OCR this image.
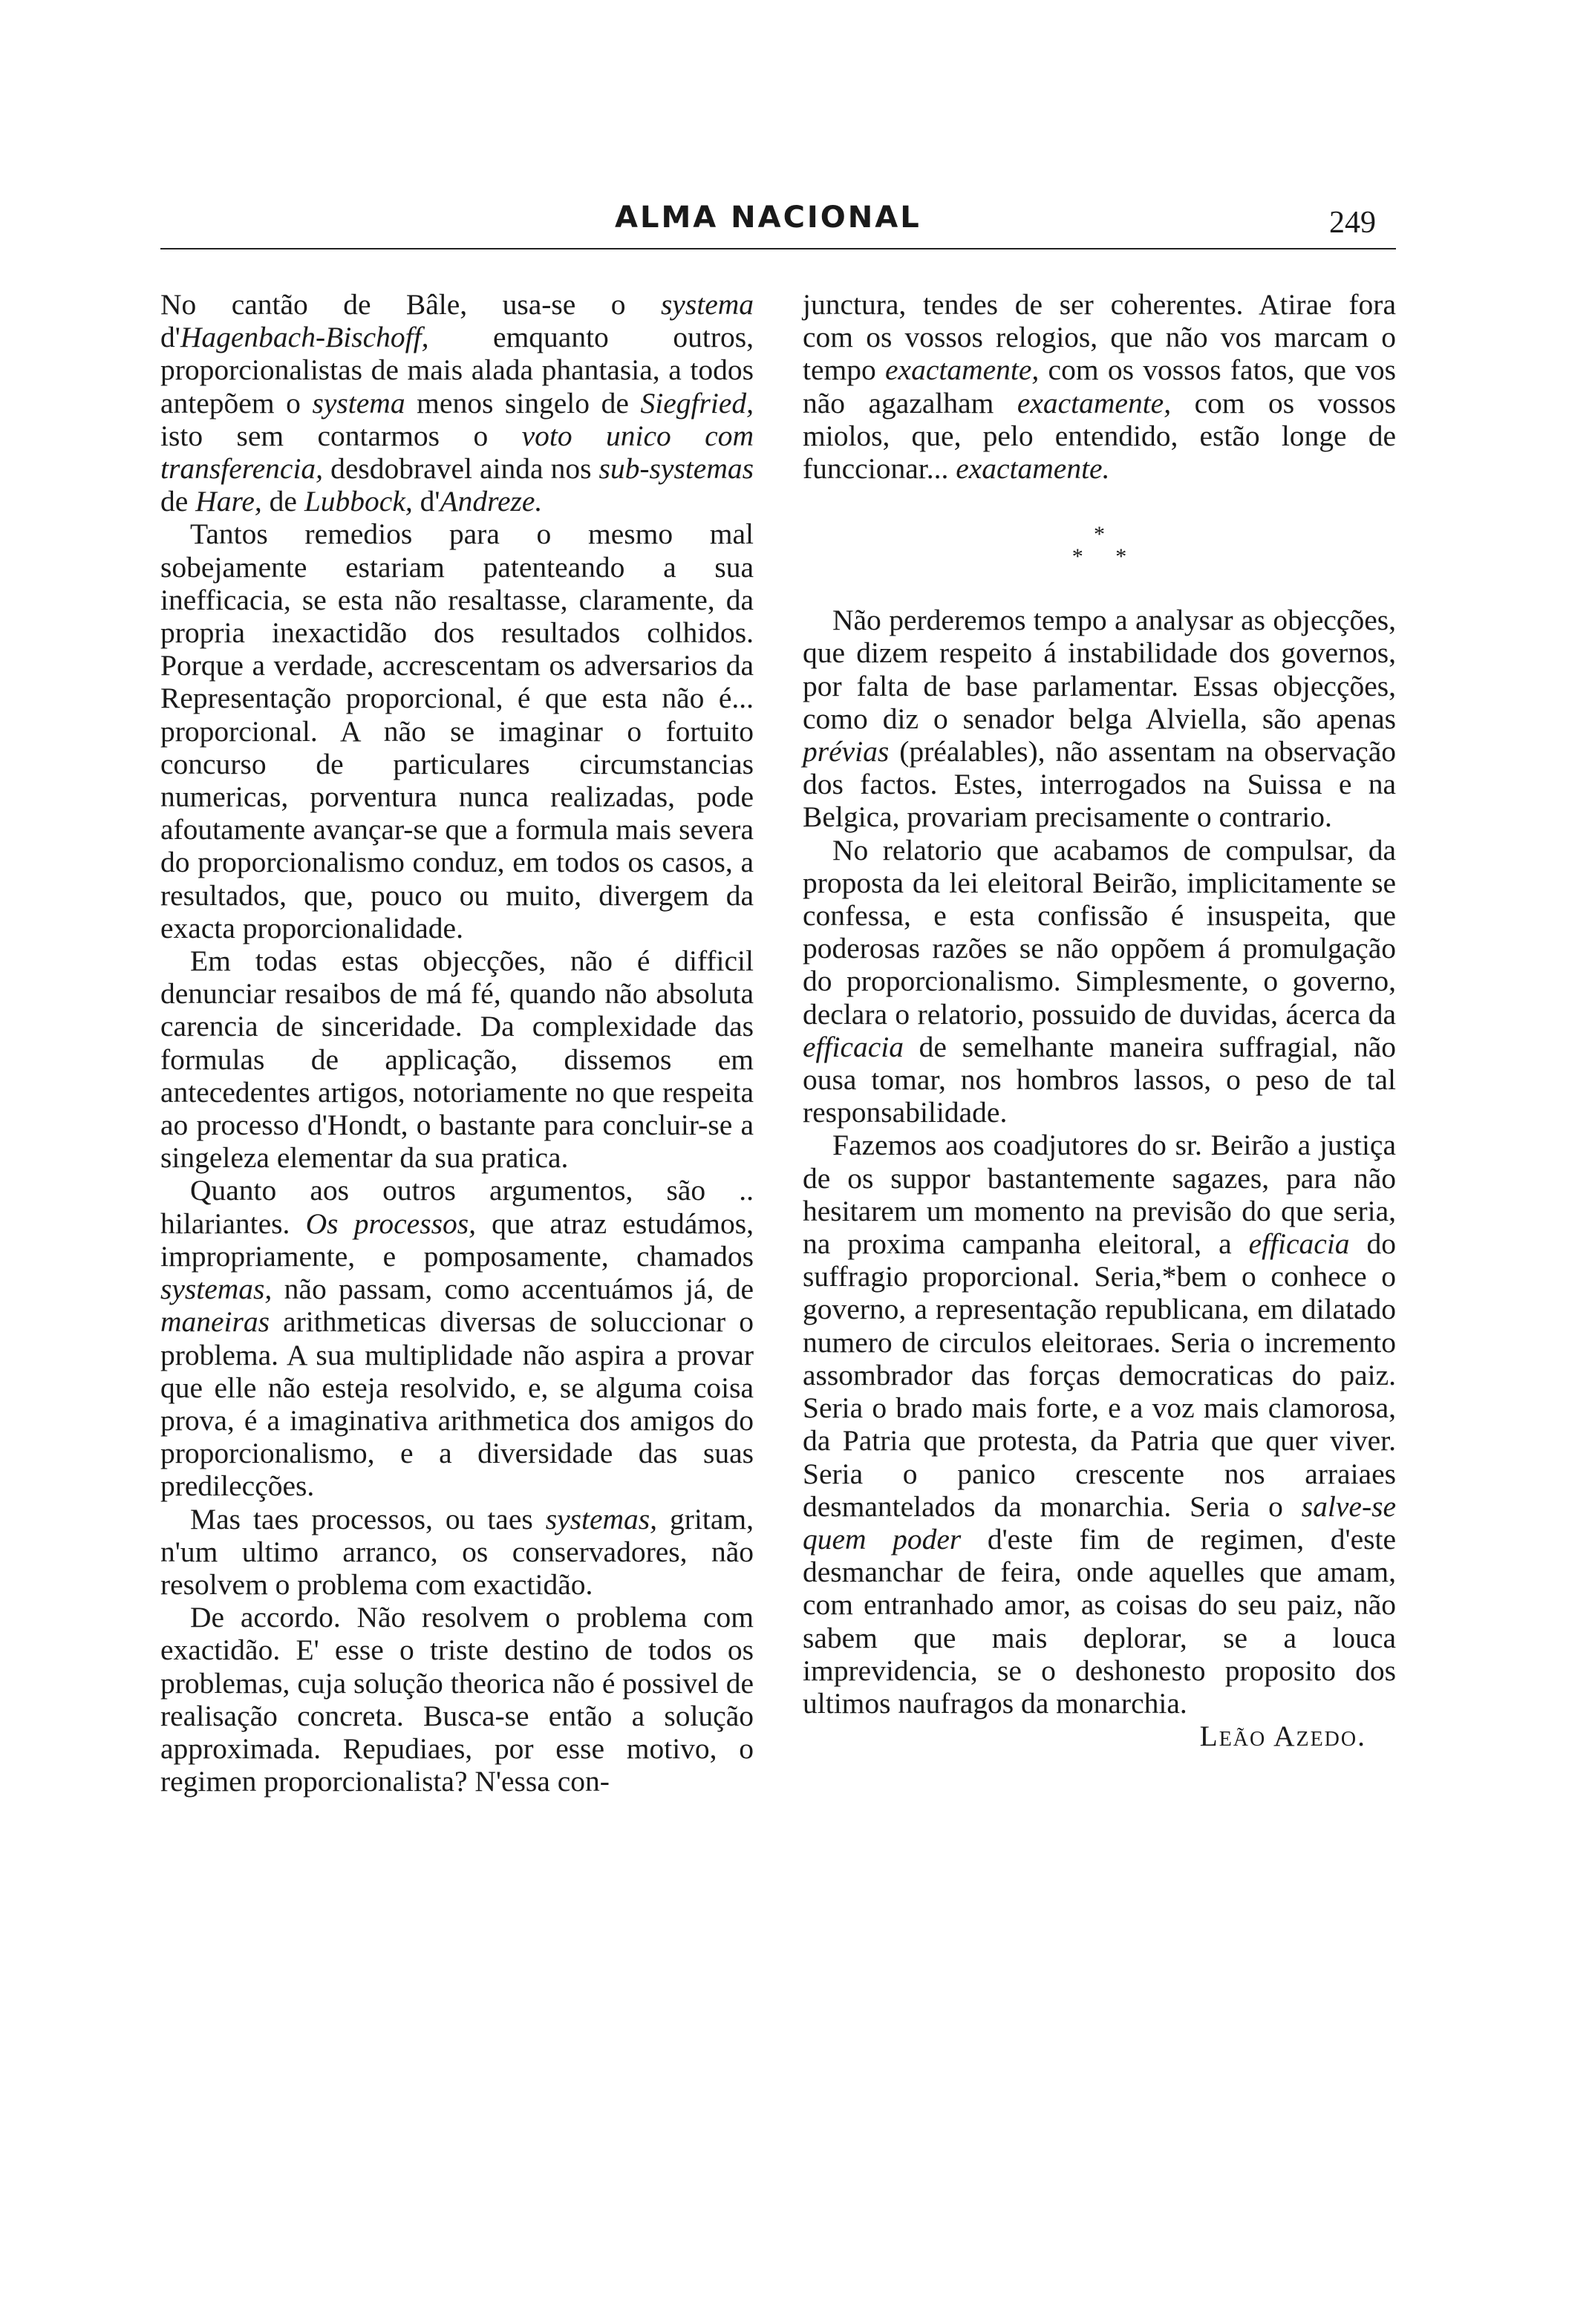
ALMA NACIONAL	249

No cantão de Bâle, usa-se o systema d'Hagenbach-Bischoff, emquanto outros, proporcionalistas de mais alada phantasia, a todos antepõem o systema menos singelo de Siegfried, isto sem contarmos o voto unico com transferencia, desdobravel ainda nos sub-systemas de Hare, de Lubbock, d'Andreze.

Tantos remedios para o mesmo mal sobejamente estariam patenteando a sua inefficacia, se esta não resaltasse, claramente, da propria inexactidão dos resultados colhidos. Porque a verdade, accrescentam os adversarios da Representação proporcional, é que esta não é... proporcional. A não se imaginar o fortuito concurso de particulares circumstancias numericas, porventura nunca realizadas, pode afoutamente avançar-se que a formula mais severa do proporcionalismo conduz, em todos os casos, a resultados, que, pouco ou muito, divergem da exacta proporcionalidade.

Em todas estas objecções, não é difficil denunciar resaibos de má fé, quando não absoluta carencia de sinceridade. Da complexidade das formulas de applicação, dissemos em antecedentes artigos, notoriamente no que respeita ao processo d'Hondt, o bastante para concluir-se a singeleza elementar da sua pratica.

Quanto aos outros argumentos, são .. hilariantes. Os processos, que atraz estudámos, impropriamente, e pomposamente, chamados systemas, não passam, como accentuámos já, de maneiras arithmeticas diversas de soluccionar o problema. A sua multiplidade não aspira a provar que elle não esteja resolvido, e, se alguma coisa prova, é a imaginativa arithmetica dos amigos do proporcionalismo, e a diversidade das suas predilecções.

Mas taes processos, ou taes systemas, gritam, n'um ultimo arranco, os conservadores, não resolvem o problema com exactidão.

De accordo. Não resolvem o problema com exactidão. E' esse o triste destino de todos os problemas, cuja solução theorica não é possivel de realisação concreta. Busca-se então a solução approximada. Repudiaes, por esse motivo, o regimen proporcionalista? N'essa con-

junctura, tendes de ser coherentes. Atirae fora com os vossos relogios, que não vos marcam o tempo exactamente, com os vossos fatos, que vos não agazalham exactamente, com os vossos miolos, que, pelo entendido, estão longe de funccionar... exactamente.

*
* *

Não perderemos tempo a analysar as objecções, que dizem respeito á instabilidade dos governos, por falta de base parlamentar. Essas objecções, como diz o senador belga Alviella, são apenas prévias (préalables), não assentam na observação dos factos. Estes, interrogados na Suissa e na Belgica, provariam precisamente o contrario.

No relatorio que acabamos de compulsar, da proposta da lei eleitoral Beirão, implicitamente se confessa, e esta confissão é insuspeita, que poderosas razões se não oppõem á promulgação do proporcionalismo. Simplesmente, o governo, declara o relatorio, possuido de duvidas, ácerca da efficacia de semelhante maneira suffragial, não ousa tomar, nos hombros lassos, o peso de tal responsabilidade.

Fazemos aos coadjutores do sr. Beirão a justiça de os suppor bastantemente sagazes, para não hesitarem um momento na previsão do que seria, na proxima campanha eleitoral, a efficacia do suffragio proporcional. Seria,*bem o conhece o governo, a representação republicana, em dilatado numero de circulos eleitoraes. Seria o incremento assombrador das forças democraticas do paiz. Seria o brado mais forte, e a voz mais clamorosa, da Patria que protesta, da Patria que quer viver. Seria o panico crescente nos arraiaes desmantelados da monarchia. Seria o salve-se quem poder d'este fim de regimen, d'este desmanchar de feira, onde aquelles que amam, com entranhado amor, as coisas do seu paiz, não sabem que mais deplorar, se a louca imprevidencia, se o deshonesto proposito dos ultimos naufragos da monarchia.

Leão Azedo.
